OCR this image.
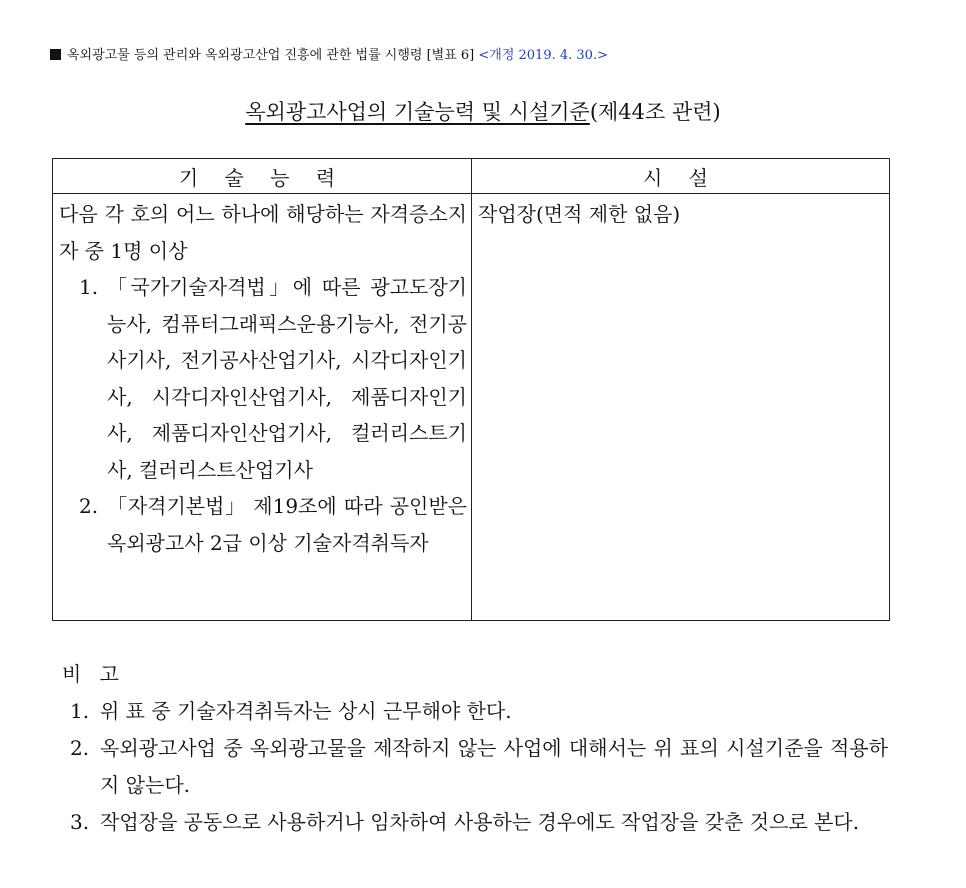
옥외광고물 등의 관리와 옥외광고산업 진흥에 관한 법률 시행령 [별표 6] <개정 2019. 4. 30.>
옥외광고사업의 기술능력 및 시설기준(제44조 관련)
기 술 능 력	시 설

다음 각 호의 어느 하나에 해당하는 자격증소지자 중 1명 이상
1. 「국가기술자격법」에 따른 광고도장기능사, 컴퓨터그래픽스운용기능사, 전기공사기사, 전기공사산업기사, 시각디자인기사, 시각디자인산업기사, 제품디자인기사, 제품디자인산업기사, 컬러리스트기사, 컬러리스트산업기사
2. 「자격기본법」 제19조에 따라 공인받은 옥외광고사 2급 이상 기술자격취득자	작업장(면적 제한 없음)
비 고
1. 위 표 중 기술자격취득자는 상시 근무해야 한다.
2. 옥외광고사업 중 옥외광고물을 제작하지 않는 사업에 대해서는 위 표의 시설기준을 적용하지 않는다.
3. 작업장을 공동으로 사용하거나 임차하여 사용하는 경우에도 작업장을 갖춘 것으로 본다.
